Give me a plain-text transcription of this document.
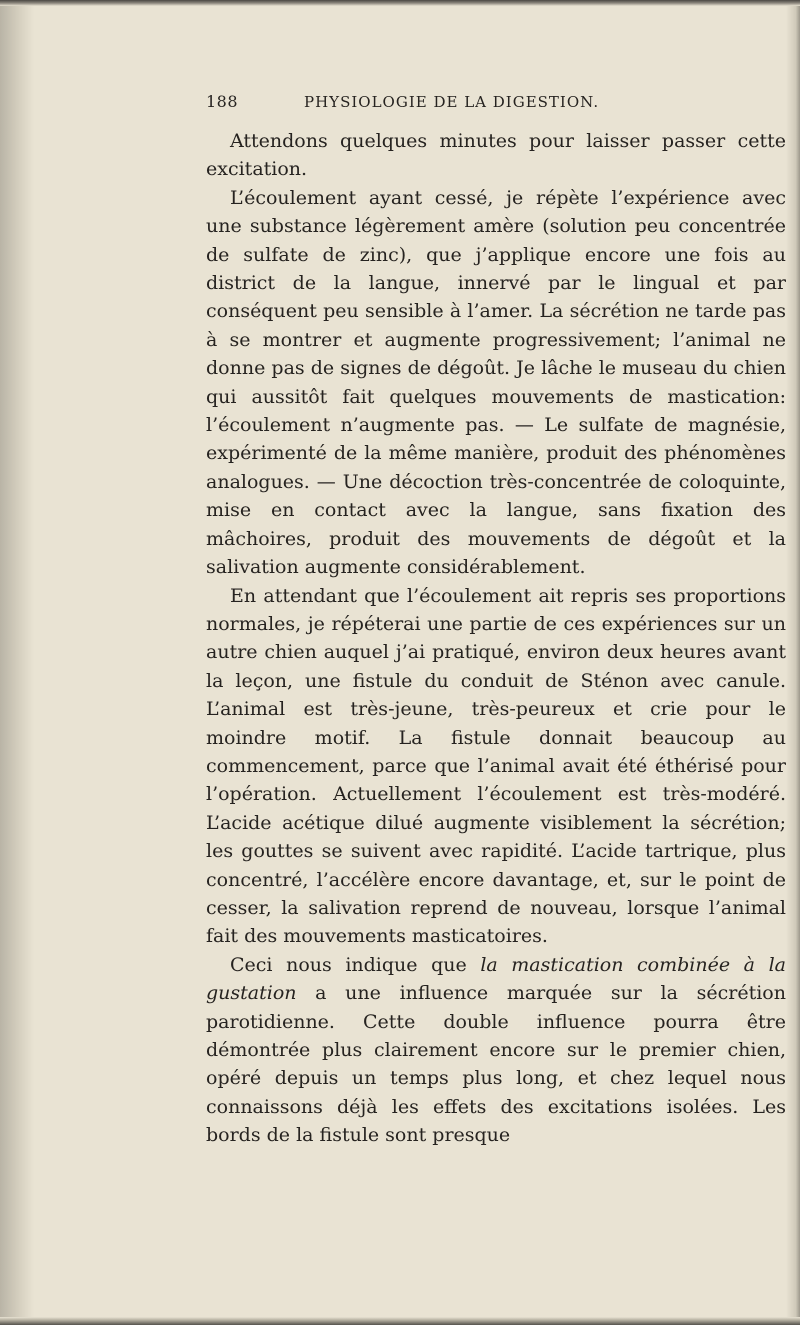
188	PHYSIOLOGIE DE LA DIGESTION.

Attendons quelques minutes pour laisser passer cette excitation.

L’écoulement ayant cessé, je répète l’expérience avec une substance légèrement amère (solution peu concentrée de sulfate de zinc), que j’applique encore une fois au district de la langue, innervé par le lingual et par conséquent peu sensible à l’amer. La sécrétion ne tarde pas à se montrer et augmente progressivement; l’animal ne donne pas de signes de dégoût. Je lâche le museau du chien qui aussitôt fait quelques mouvements de mastication: l’écoulement n’augmente pas. — Le sulfate de magnésie, expérimenté de la même manière, produit des phénomènes analogues. — Une décoction très-concentrée de coloquinte, mise en contact avec la langue, sans fixation des mâchoires, produit des mouvements de dégoût et la salivation augmente considérablement.

En attendant que l’écoulement ait repris ses proportions normales, je répéterai une partie de ces expériences sur un autre chien auquel j’ai pratiqué, environ deux heures avant la leçon, une fistule du conduit de Sténon avec canule. L’animal est très-jeune, très-peureux et crie pour le moindre motif. La fistule donnait beaucoup au commencement, parce que l’animal avait été éthérisé pour l’opération. Actuellement l’écoulement est très-modéré. L’acide acétique dilué augmente visiblement la sécrétion; les gouttes se suivent avec rapidité. L’acide tartrique, plus concentré, l’accélère encore davantage, et, sur le point de cesser, la salivation reprend de nouveau, lorsque l’animal fait des mouvements masticatoires.

Ceci nous indique que la mastication combinée à la gustation a une influence marquée sur la sécrétion parotidienne. Cette double influence pourra être démontrée plus clairement encore sur le premier chien, opéré depuis un temps plus long, et chez lequel nous connaissons déjà les effets des excitations isolées. Les bords de la fistule sont presque
